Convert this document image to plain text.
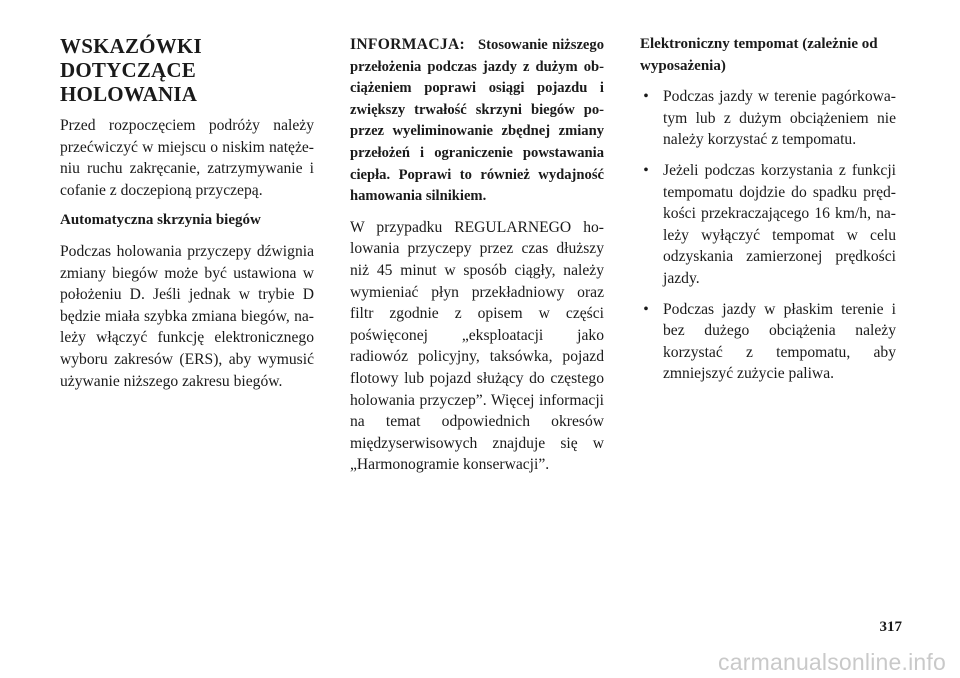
WSKAZÓWKI DOTYCZĄCE
HOLOWANIA

Przed rozpoczęciem podróży należy przećwiczyć w miejscu o niskim natężeniu ruchu zakręcanie, zatrzymywanie i cofanie z doczepioną przyczepą.

Automatyczna skrzynia biegów

Podczas holowania przyczepy dźwignia zmiany biegów może być ustawiona w położeniu D. Jeśli jednak w trybie D będzie miała szybka zmiana biegów, należy włączyć funkcję elektronicznego wyboru zakresów (ERS), aby wymusić używanie niższego zakresu biegów.

INFORMACJA: Stosowanie niższego przełożenia podczas jazdy z dużym obciążeniem poprawi osiągi pojazdu i zwiększy trwałość skrzyni biegów poprzez wyeliminowanie zbędnej zmiany przełożeń i ograniczenie powstawania ciepła. Poprawi to również wydajność hamowania silnikiem.

W przypadku REGULARNEGO holowania przyczepy przez czas dłuższy niż 45 minut w sposób ciągły, należy wymieniać płyn przekładniowy oraz filtr zgodnie z opisem w części poświęconej „eksploatacji jako radiowóz policyjny, taksówka, pojazd flotowy lub pojazd służący do częstego holowania przyczep”. Więcej informacji na temat odpowiednich okresów międzyserwisowych znajduje się w „Harmonogramie konserwacji”.

Elektroniczny tempomat (zależnie od wyposażenia)
• Podczas jazdy w terenie pagórkowatym lub z dużym obciążeniem nie należy korzystać z tempomatu.
• Jeżeli podczas korzystania z funkcji tempomatu dojdzie do spadku prędkości przekraczającego 16 km/h, należy wyłączyć tempomat w celu odzyskania zamierzonej prędkości jazdy.
• Podczas jazdy w płaskim terenie i bez dużego obciążenia należy korzystać z tempomatu, aby zmniejszyć zużycie paliwa.
317
carmanualsonline.info
